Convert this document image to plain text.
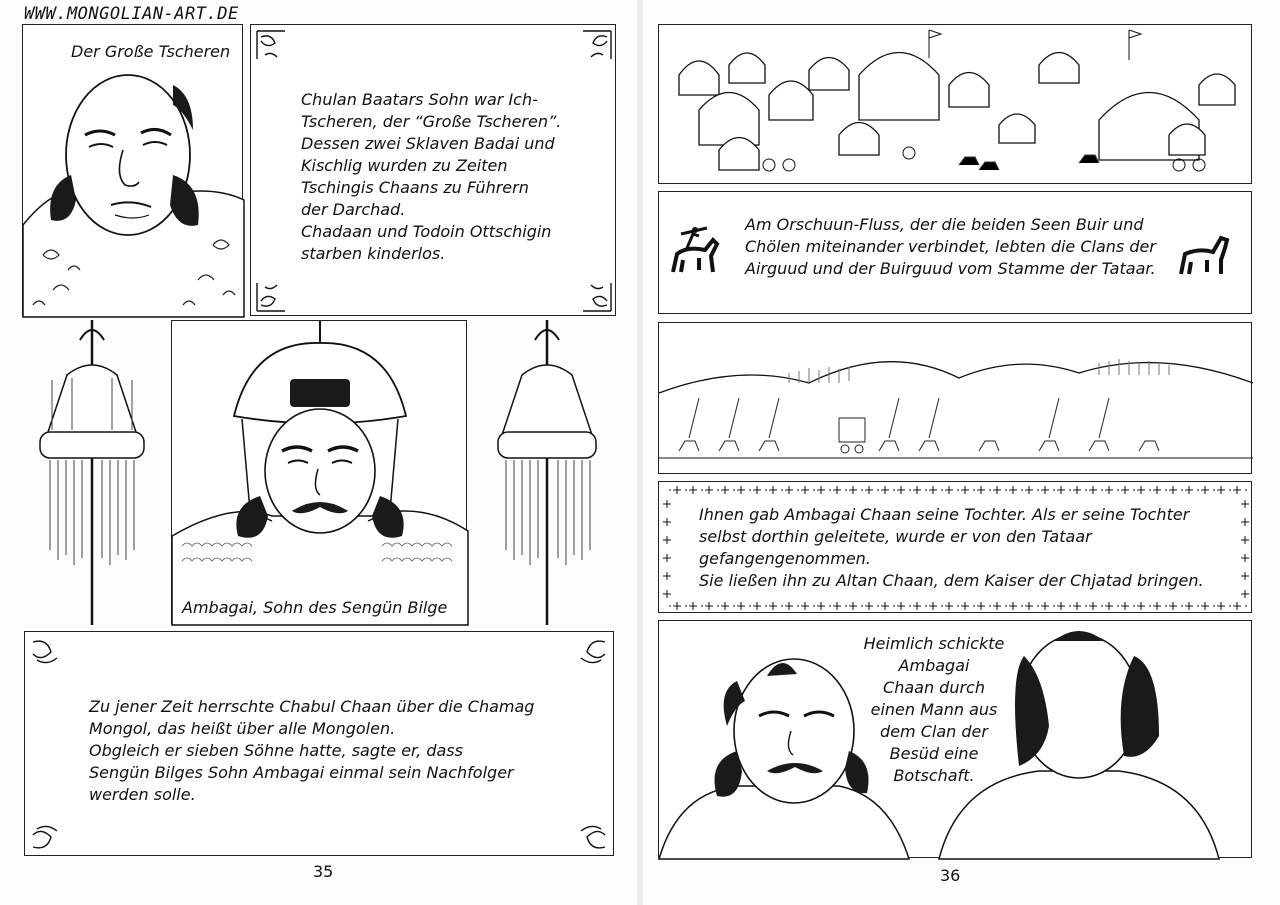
WWW.MONGOLIAN-ART.DE
Der Große Tscheren
Chulan Baatars Sohn war Ich-
Tscheren, der “Große Tscheren”.
Dessen zwei Sklaven Badai und
Kischlig wurden zu Zeiten
Tschingis Chaans zu Führern
der Darchad.
Chadaan und Todoin Ottschigin
starben kinderlos.
Ambagai, Sohn des Sengün Bilge
Zu jener Zeit herrschte Chabul Chaan über die Chamag
Mongol, das heißt über alle Mongolen.
Obgleich er sieben Söhne hatte, sagte er, dass
Sengün Bilges Sohn Ambagai einmal sein Nachfolger
werden solle.
35
Am Orschuun-Fluss, der die beiden Seen Buir und
Chölen miteinander verbindet, lebten die Clans der
Airguud und der Buirguud vom Stamme der Tataar.
Ihnen gab Ambagai Chaan seine Tochter. Als er seine Tochter
selbst dorthin geleitete, wurde er von den Tataar
gefangengenommen.
Sie ließen ihn zu Altan Chaan, dem Kaiser der Chjatad bringen.
Heimlich schickte Ambagai
Chaan durch
einen Mann aus
dem Clan der
Besüd eine
Botschaft.
36
